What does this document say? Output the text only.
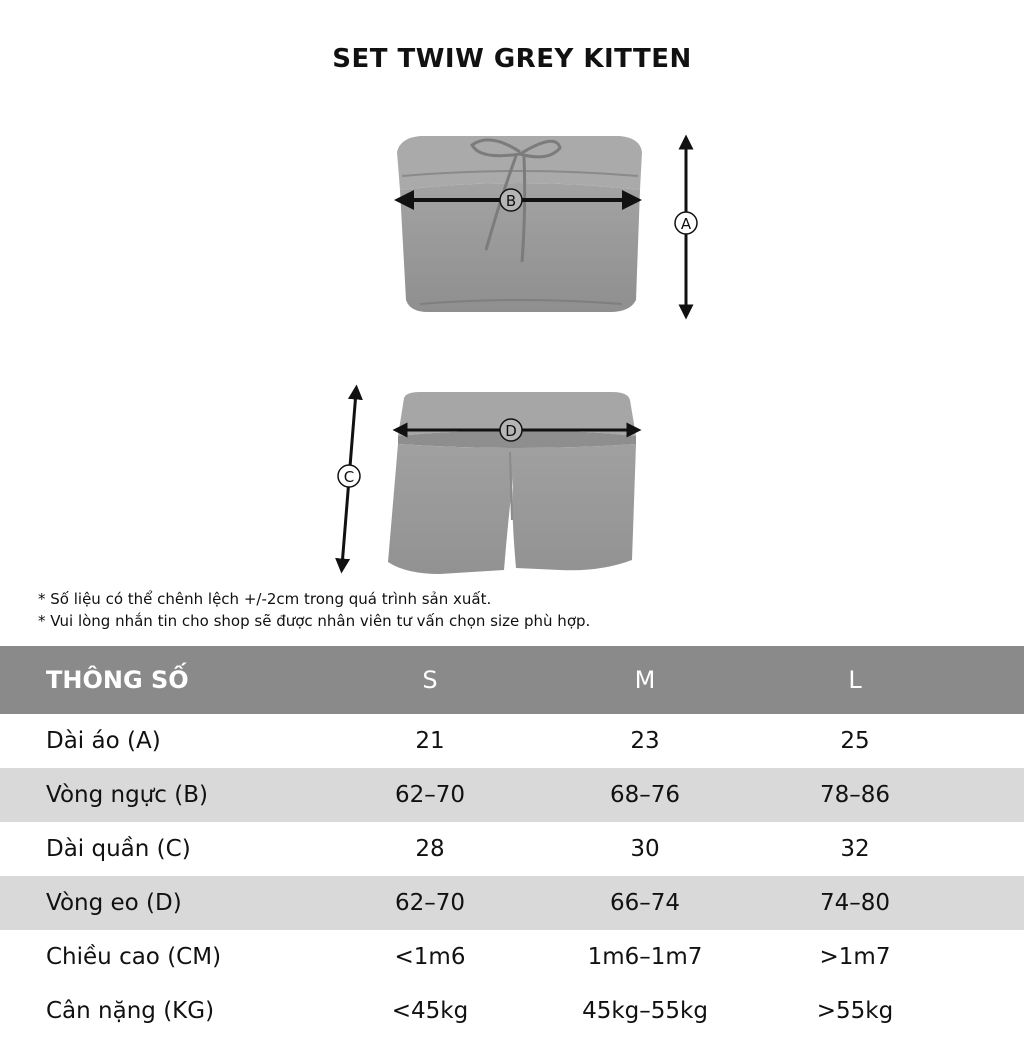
SET TWIW GREY KITTEN
B
A
D
C
* Số liệu có thể chênh lệch +/-2cm trong quá trình sản xuất.
* Vui lòng nhắn tin cho shop sẽ được nhân viên tư vấn chọn size phù hợp.
THÔNG SỐ	S	M	L
Dài áo (A)	21	23	25
Vòng ngực (B)	62–70	68–76	78–86
Dài quần (C)	28	30	32
Vòng eo (D)	62–70	66–74	74–80
Chiều cao (CM)	<1m6	1m6–1m7	>1m7
Cân nặng (KG)	<45kg	45kg–55kg	>55kg
